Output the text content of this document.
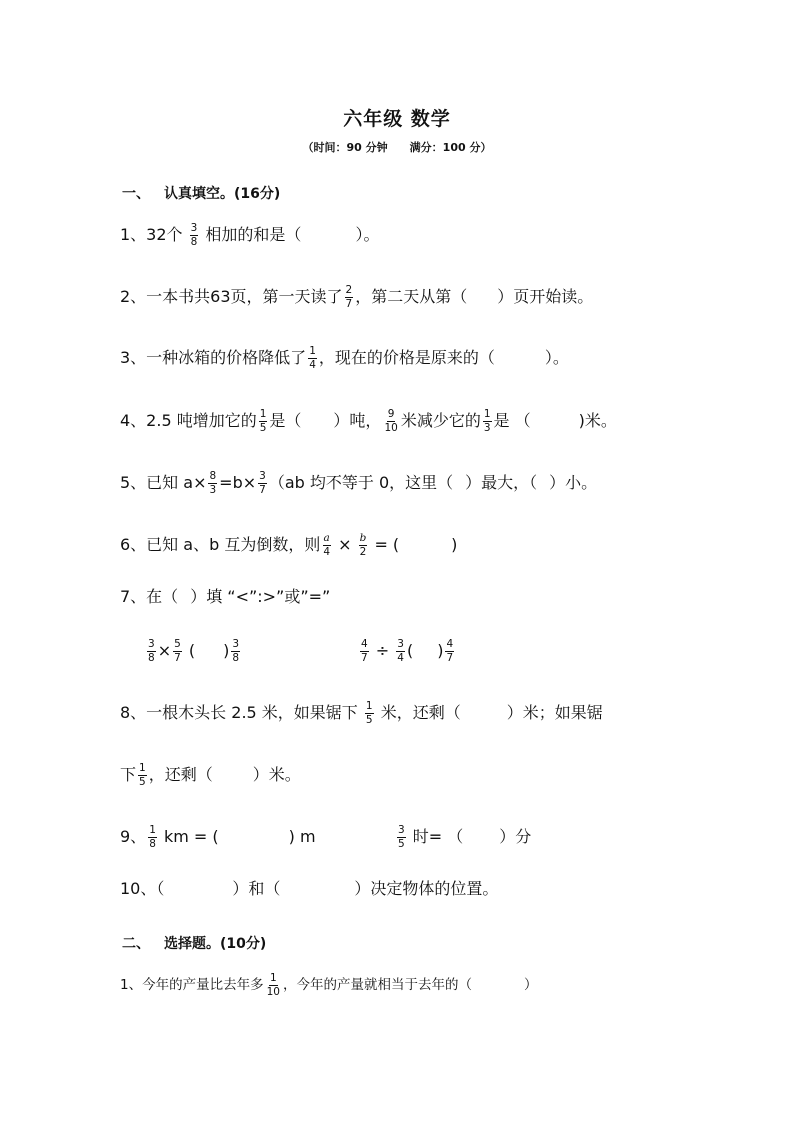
六年级 数学
（时间：90 分钟 满分：100 分）
一、 认真填空。(16分)
1、32个 $\frac{3}{8}$ 相加的和是（	）。
2、一本书共63页，第一天读了 $\frac{2}{7}$ ，第二天从第（ ）页开始读。
3、一种冰箱的价格降低了 $\frac{1}{4}$ ，现在的价格是原来的（	）。
4、2.5 吨增加它的 $\frac{1}{5}$ 是（ ）吨， $\frac{9}{10}$ 米减少它的 $\frac{1}{3}$ 是 （	)米。
5、已知 $a\times \frac{8}{3} =b\times \frac{3}{7} (ab$ 均不等于 0，这里（ ）最大，（ ）小。
6、已知 a、b 互为倒数，则 $\frac{a}{4} \times \frac{b}{2}$ = (	)
7、在（ ）填 “<”:>”或”=”
$\frac{3}{8} \times \frac{5}{7}$ ( ) $\frac{3}{8}$	$\frac{4}{7} \div \frac{3}{4}$ ( ) $\frac{4}{7}$
8、一根木头长 2.5 米，如果锯下 $\frac{1}{5}$ 米，还剩（	）米；如果锯
下 $\frac{1}{5}$ ，还剩（	）米。
9、 $\frac{1}{8}$ km = (	) m	$\frac{3}{5}$ 时= （ ）分
10、（	）和（	）决定物体的位置。
二、 选择题。(10分)
1、今年的产量比去年多 $\frac{1}{10}$ ，今年的产量就相当于去年的（	）
